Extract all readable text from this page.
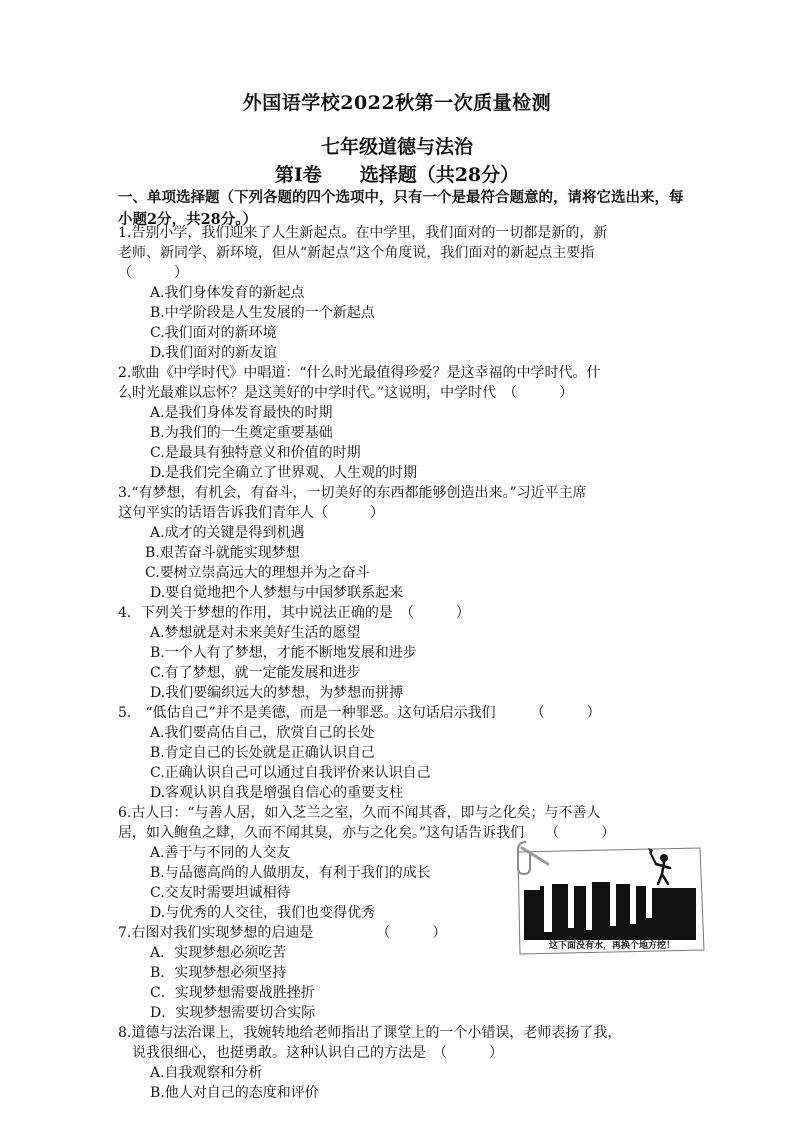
外国语学校2022秋第一次质量检测
七年级道德与法治
第Ⅰ卷　　选择题（共28分）
一、单项选择题（下列各题的四个选项中，只有一个是最符合题意的，请将它选出来，每小题2分，共28分。）
1.告别小学，我们迎来了人生新起点。在中学里，我们面对的一切都是新的，新
老师、新同学、新环境，但从“新起点”这个角度说，我们面对的新起点主要指
（　　　）
A.我们身体发育的新起点
B.中学阶段是人生发展的一个新起点
C.我们面对的新环境
D.我们面对的新友谊
2.歌曲《中学时代》中唱道：“什么时光最值得珍爱？是这幸福的中学时代。什
么时光最难以忘怀？是这美好的中学时代。”这说明，中学时代　（　　　）
A.是我们身体发育最快的时期
B.为我们的一生奠定重要基础
C.是最具有独特意义和价值的时期
D.是我们完全确立了世界观、人生观的时期
3.“有梦想，有机会，有奋斗，一切美好的东西都能够创造出来。”习近平主席
这句平实的话语告诉我们青年人（　　　）
A.成才的关键是得到机遇
B.艰苦奋斗就能实现梦想
C.要树立崇高远大的理想并为之奋斗
D.要自觉地把个人梦想与中国梦联系起来
4．下列关于梦想的作用，其中说法正确的是　（　　　）
A.梦想就是对未来美好生活的愿望
B.一个人有了梦想，才能不断地发展和进步
C.有了梦想，就一定能发展和进步
D.我们要编织远大的梦想，为梦想而拼搏
5.　“低估自己”并不是美德，而是一种罪恶。这句话启示我们　　　（　　　）
A.我们要高估自己，欣赏自己的长处
B.肯定自己的长处就是正确认识自己
C.正确认识自己可以通过自我评价来认识自己
D.客观认识自我是增强自信心的重要支柱
6.古人曰：“与善人居，如入芝兰之室，久而不闻其香，即与之化矣；与不善人
居，如入鲍鱼之肆，久而不闻其臭，亦与之化矣。”这句话告诉我们　　（　　　）
A.善于与不同的人交友
B.与品德高尚的人做朋友，有利于我们的成长
C.交友时需要坦诚相待
D.与优秀的人交往，我们也变得优秀
7.右图对我们实现梦想的启迪是　　　　　（　　　）
A．实现梦想必须吃苦
B．实现梦想必须坚持
C．实现梦想需要战胜挫折
D．实现梦想需要切合实际
8.道德与法治课上，我婉转地给老师指出了课堂上的一个小错误，老师表扬了我，
　说我很细心，也挺勇敢。这种认识自己的方法是　（　　　）
A.自我观察和分析
B.他人对自己的态度和评价
这下面没有水，再换个地方挖！
